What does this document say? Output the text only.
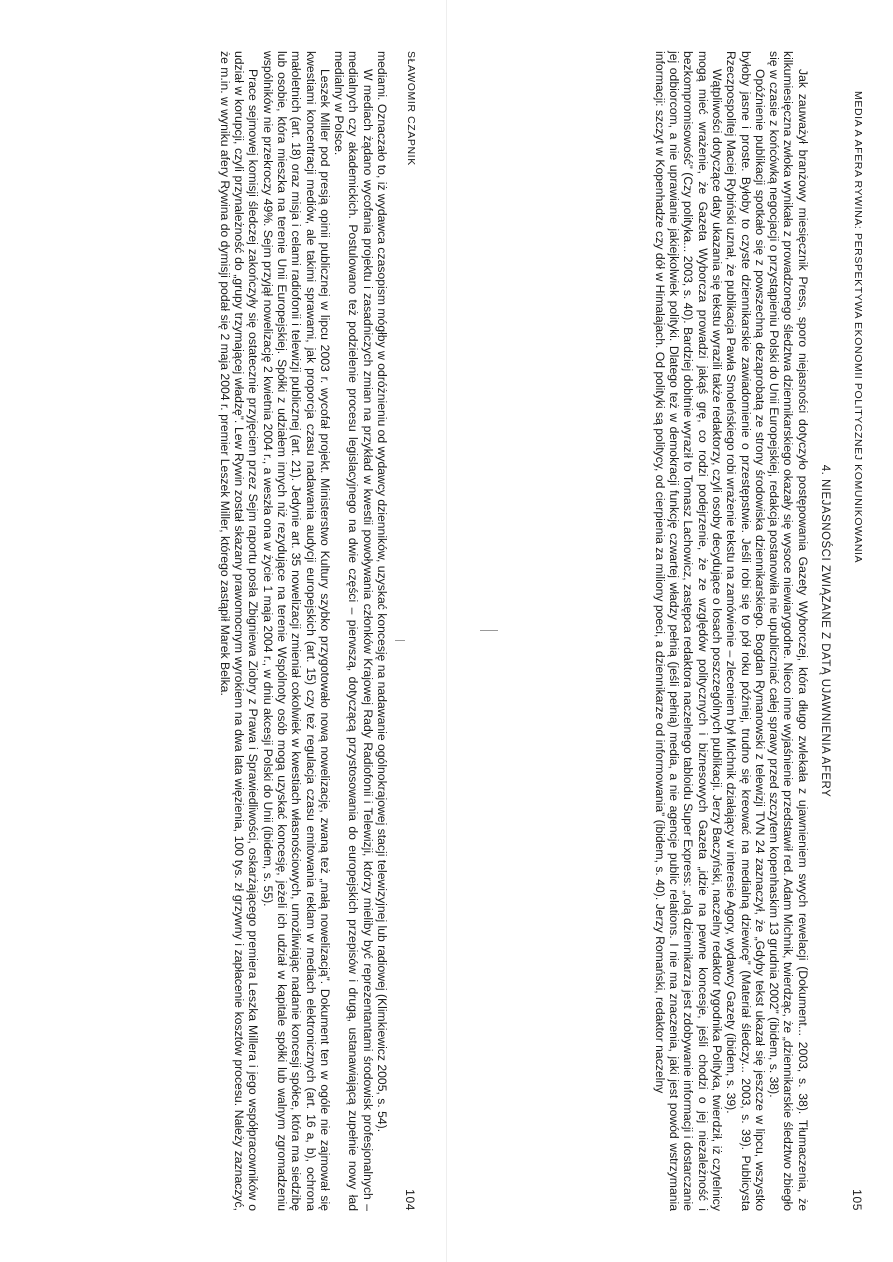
SŁAWOMIR CZAPNIK
104

mediami. Oznaczało to, iż wydawca czasopism mógłby w odróżnieniu od wydawcy dzienników, uzyskać koncesję na nadawanie ogólnokrajowej stacji telewizyjnej lub radiowej (Klimkiewicz 2005, s. 54).

W mediach żądano wycofania projektu i zasadniczych zmian na przykład w kwestii powoływania członków Krajowej Rady Radiofonii i Telewizji, którzy mieliby być reprezentantami środowisk profesjonalnych – medialnych czy akademickich. Postulowano też podzielenie procesu legislacyjnego na dwie części – pierwszą, dotyczącą przystosowania do europejskich przepisów i drugą, ustanawiającą zupełnie nowy ład medialny w Polsce.

Leszek Miller pod presją opinii publicznej w lipcu 2003 r. wycofał projekt. Ministerstwo Kultury szybko przygotowało nową nowelizację, zwaną też „małą nowelizacją”. Dokument ten w ogóle nie zajmował się kwestiami koncentracji mediów, ale takimi sprawami, jak proporcja czasu nadawania audycji europejskich (art. 15) czy też regulacja czasu emitowania reklam w mediach elektronicznych (art. 16 a, b), ochrona małoletnich (art. 18) oraz misja i celami radiofonii i telewizji publicznej (art. 21). Jedynie art. 35 nowelizacji zmieniał cokolwiek w kwestiach własnościowych, umożliwiając nadanie koncesji spółce, która ma siedzibę lub osobie, która mieszka na terenie Unii Europejskiej. Spółki z udziałem innych niż rezydujące na terenie Wspólnoty osób mogą uzyskać koncesję, jeżeli ich udział w kapitale spółki lub walnym zgromadzeniu wspólników nie przekroczy 49%. Sejm przyjął nowelizację 2 kwietnia 2004 r., a weszła ona w życie 1 maja 2004 r., w dniu akcesji Polski do Unii (ibidem, s. 55).

Prace sejmowej komisji śledczej zakończyły się ostatecznie przyjęciem przez Sejm raportu posła Zbigniewa Ziobry z Prawa i Sprawiedliwości, oskarżającego premiera Leszka Millera i jego współpracowników o udział w korupcji, czyli przynależność do „grupy trzymającej władzę”. Lew Rywin został skazany prawomocnym wyrokiem na dwa lata więzienia, 100 tys. zł grzywny i zapłacenie kosztów procesu. Należy zaznaczyć, że m.in. w wyniku afery Rywina do dymisji podał się 2 maja 2004 r. premier Leszek Miller, którego zastąpił Marek Belka.	MEDIA A AFERA RYWINA: PERSPEKTYWA EKONOMII POLITYCZNEJ KOMUNIKOWANIA
105
4. NIEJASNOŚCI ZWIĄZANE Z DATĄ UJAWNIENIA AFERY

Jak zauważył branżowy miesięcznik Press, sporo niejasności dotyczyło postępowania Gazety Wyborczej, która długo zwlekała z ujawnieniem swych rewelacji (Dokument... 2003, s. 38). Tłumaczenia, że kilkumiesięczna zwłoka wynikała z prowadzonego śledztwa dziennikarskiego okazały się wysoce niewiarygodne. Nieco inne wyjaśnienie przedstawił red. Adam Michnik, twierdząc, że „dziennikarskie śledztwo zbiegło się w czasie z końcówką negocjacji o przystąpieniu Polski do Unii Europejskiej, redakcja postanowiła nie upubliczniać całej sprawy przed szczytem kopenhaskim 13 grudnia 2002” (ibidem, s. 38).

Opóźnienie publikacji spotkało się z powszechną dezaprobatą ze strony środowiska dziennikarskiego. Bogdan Rymanowski z telewizji TVN 24 zaznaczył, że „Gdyby tekst ukazał się jeszcze w lipcu, wszystko byłoby jasne i proste. Byłoby to czyste dziennikarskie zawiadomienie o przestępstwie. Jeśli robi się to pół roku później, trudno się kreować na medialną dziewicę” (Materiał śledczy... 2003, s. 39). Publicysta Rzeczpospolitej Maciej Rybiński uznał, że publikacja Pawła Smoleńskiego robi wrażenie tekstu na zamówienie – zleceniem był Michnik działający w interesie Agory, wydawcy Gazety (ibidem, s. 39).

Wątpliwości dotyczące daty ukazania się tekstu wyrazili także redaktorzy, czyli osoby decydujące o losach poszczególnych publikacji. Jerzy Baczyński, naczelny redaktor tygodnika Polityka, twierdził, iż czytelnicy mogą mieć wrażenie, że Gazeta Wyborcza prowadzi jakąś grę, co rodzi podejrzenie, że ze względów politycznych i biznesowych Gazeta „idzie na pewne koncesje, jeśli chodzi o jej niezależność i bezkompromisowość” (Czy polityka... 2003, s. 40). Bardziej dobitnie wyraził to Tomasz Lachowicz, zastępca redaktora naczelnego tabloidu Super Express: „rolą dziennikarza jest zdobywanie informacji i dostarczanie jej odbiorcom, a nie uprawianie jakiejkolwiek polityki. Dlatego też w demokracji funkcję czwartej władzy pełnią (jeśli pełnią) media, a nie agencje public relations. I nie ma znaczenia, jaki jest powód wstrzymania informacji: szczyt w Kopenhadze czy dół w Himalajach. Od polityki są politycy, od cierpienia za miliony poeci, a dziennikarze od informowania” (ibidem, s. 40). Jerzy Romański, redaktor naczelny
